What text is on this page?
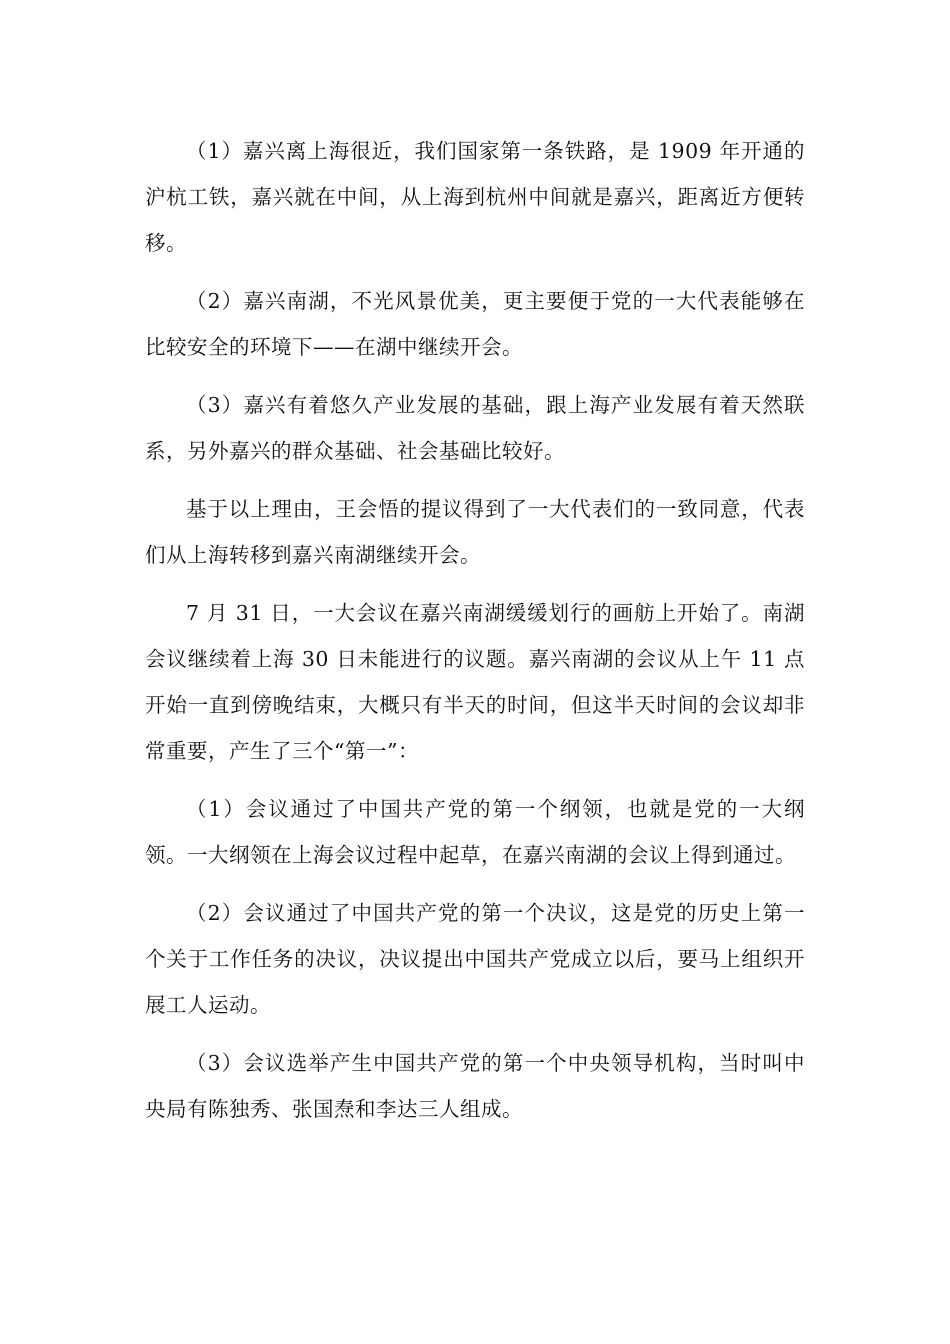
（1）嘉兴离上海很近，我们国家第一条铁路，是 1909 年开通的沪杭工铁，嘉兴就在中间，从上海到杭州中间就是嘉兴，距离近方便转移。

（2）嘉兴南湖，不光风景优美，更主要便于党的一大代表能够在比较安全的环境下——在湖中继续开会。

（3）嘉兴有着悠久产业发展的基础，跟上海产业发展有着天然联系，另外嘉兴的群众基础、社会基础比较好。

基于以上理由，王会悟的提议得到了一大代表们的一致同意，代表们从上海转移到嘉兴南湖继续开会。

7 月 31 日，一大会议在嘉兴南湖缓缓划行的画舫上开始了。南湖会议继续着上海 30 日未能进行的议题。嘉兴南湖的会议从上午 11 点开始一直到傍晚结束，大概只有半天的时间，但这半天时间的会议却非常重要，产生了三个“第一”：

（1）会议通过了中国共产党的第一个纲领，也就是党的一大纲领。一大纲领在上海会议过程中起草，在嘉兴南湖的会议上得到通过。

（2）会议通过了中国共产党的第一个决议，这是党的历史上第一个关于工作任务的决议，决议提出中国共产党成立以后，要马上组织开展工人运动。

（3）会议选举产生中国共产党的第一个中央领导机构，当时叫中央局有陈独秀、张国焘和李达三人组成。
